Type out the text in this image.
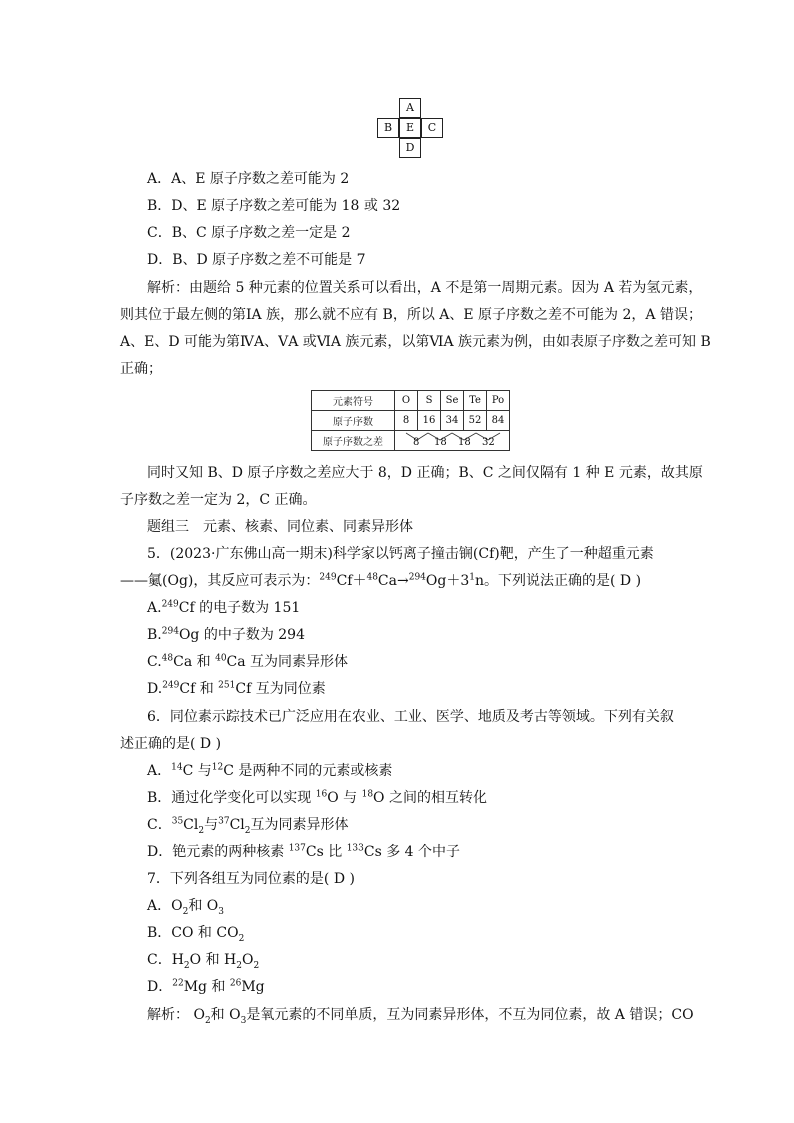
A
B	E	C
D
A．A、E 原子序数之差可能为 2
B．D、E 原子序数之差可能为 18 或 32
C．B、C 原子序数之差一定是 2
D．B、D 原子序数之差不可能是 7
解析：由题给 5 种元素的位置关系可以看出，A 不是第一周期元素。因为 A 若为氢元素，
则其位于最左侧的第ⅠA 族，那么就不应有 B，所以 A、E 原子序数之差不可能为 2，A 错误；
A、E、D 可能为第ⅣA、ⅤA 或ⅥA 族元素，以第ⅥA 族元素为例，由如表原子序数之差可知 B
正确；
元素符号	O	S	Se	Te	Po
原子序数	8	16	34	52	84
原子序数之差	8 18 18 32				
同时又知 B、D 原子序数之差应大于 8，D 正确；B、C 之间仅隔有 1 种 E 元素，故其原
子序数之差一定为 2，C 正确。
题组三　元素、核素、同位素、同素异形体
5．(2023·广东佛山高一期末)科学家以钙离子撞击锎(Cf)靶，产生了一种超重元素
——鿫(Og)，其反应可表示为：$^{249}Cf+^{48}Ca\to^{294}Og+3^1n$。下列说法正确的是( D )
A.$^{249}$Cf 的电子数为 151
B.$^{294}$Og 的中子数为 294
C.$^{48}$Ca 和 $^{40}$Ca 互为同素异形体
D.$^{249}$Cf 和 $^{251}$Cf 互为同位素
6．同位素示踪技术已广泛应用在农业、工业、医学、地质及考古等领域。下列有关叙
述正确的是( D )
A．$^{14}$C 与$^{12}$C 是两种不同的元素或核素
B．通过化学变化可以实现 $^{16}$O 与 $^{18}$O 之间的相互转化
C．$^{35}Cl_2$与$^{37}Cl_2$互为同素异形体
D．铯元素的两种核素 $^{137}$Cs 比 $^{133}$Cs 多 4 个中子
7．下列各组互为同位素的是( D )
A．$O_2$和 $O_3$
B．CO 和 $CO_2$
C．$H_2O$ 和 $H_2O_2$
D．$^{22}$Mg 和 $^{26}$Mg
解析： $O_2$和 $O_3$是氧元素的不同单质，互为同素异形体，不互为同位素，故 A 错误；CO
